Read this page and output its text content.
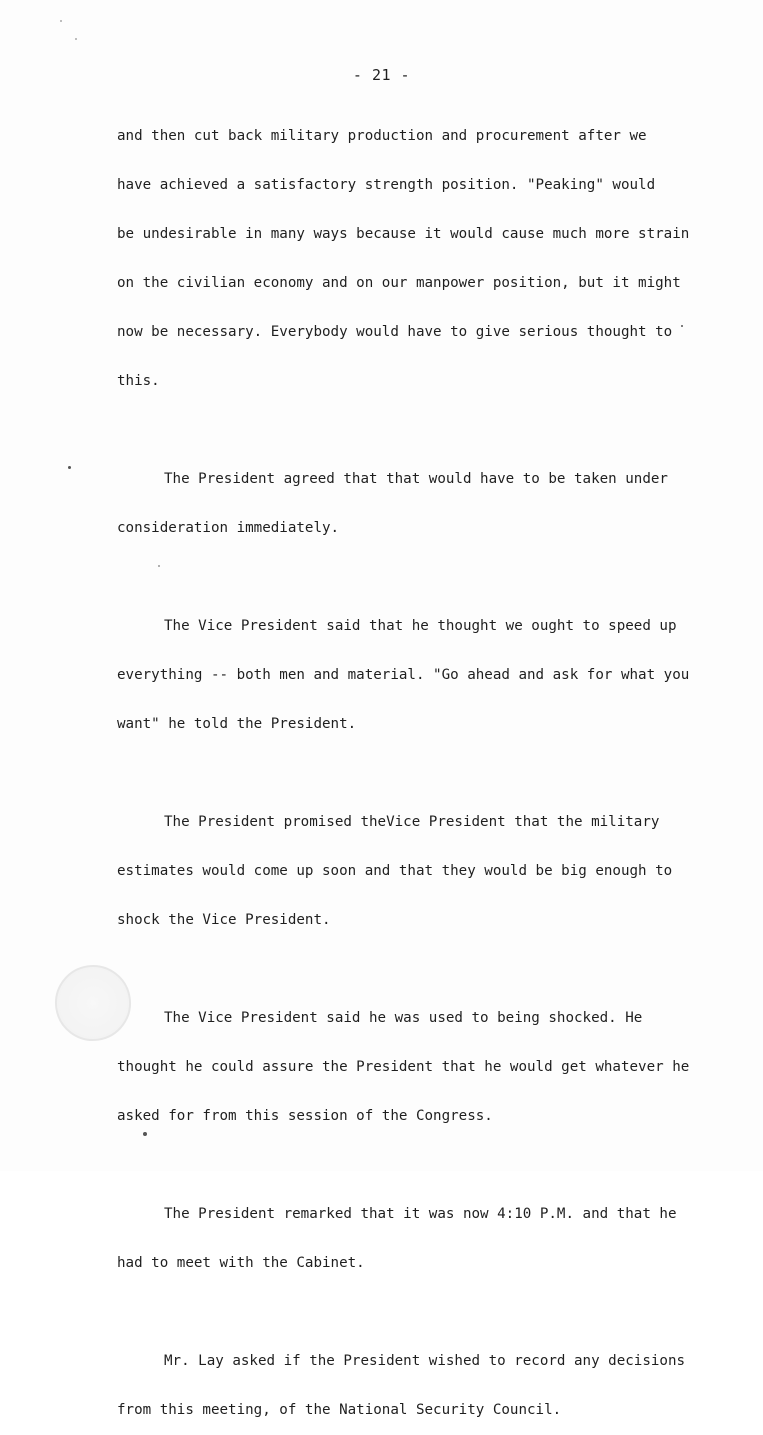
- 21 -
and then cut back military production and procurement after we
have achieved a satisfactory strength position. "Peaking" would
be undesirable in many ways because it would cause much more strain
on the civilian economy and on our manpower position, but it might
now be necessary. Everybody would have to give serious thought to
this.
The President agreed that that would have to be taken under
consideration immediately.
The Vice President said that he thought we ought to speed up
everything -- both men and material. "Go ahead and ask for what you
want" he told the President.
The President promised theVice President that the military
estimates would come up soon and that they would be big enough to
shock the Vice President.
The Vice President said he was used to being shocked. He
thought he could assure the President that he would get whatever he
asked for from this session of the Congress.
The President remarked that it was now 4:10 P.M. and that he
had to meet with the Cabinet.
Mr. Lay asked if the President wished to record any decisions
from this meeting, of the National Security Council.
